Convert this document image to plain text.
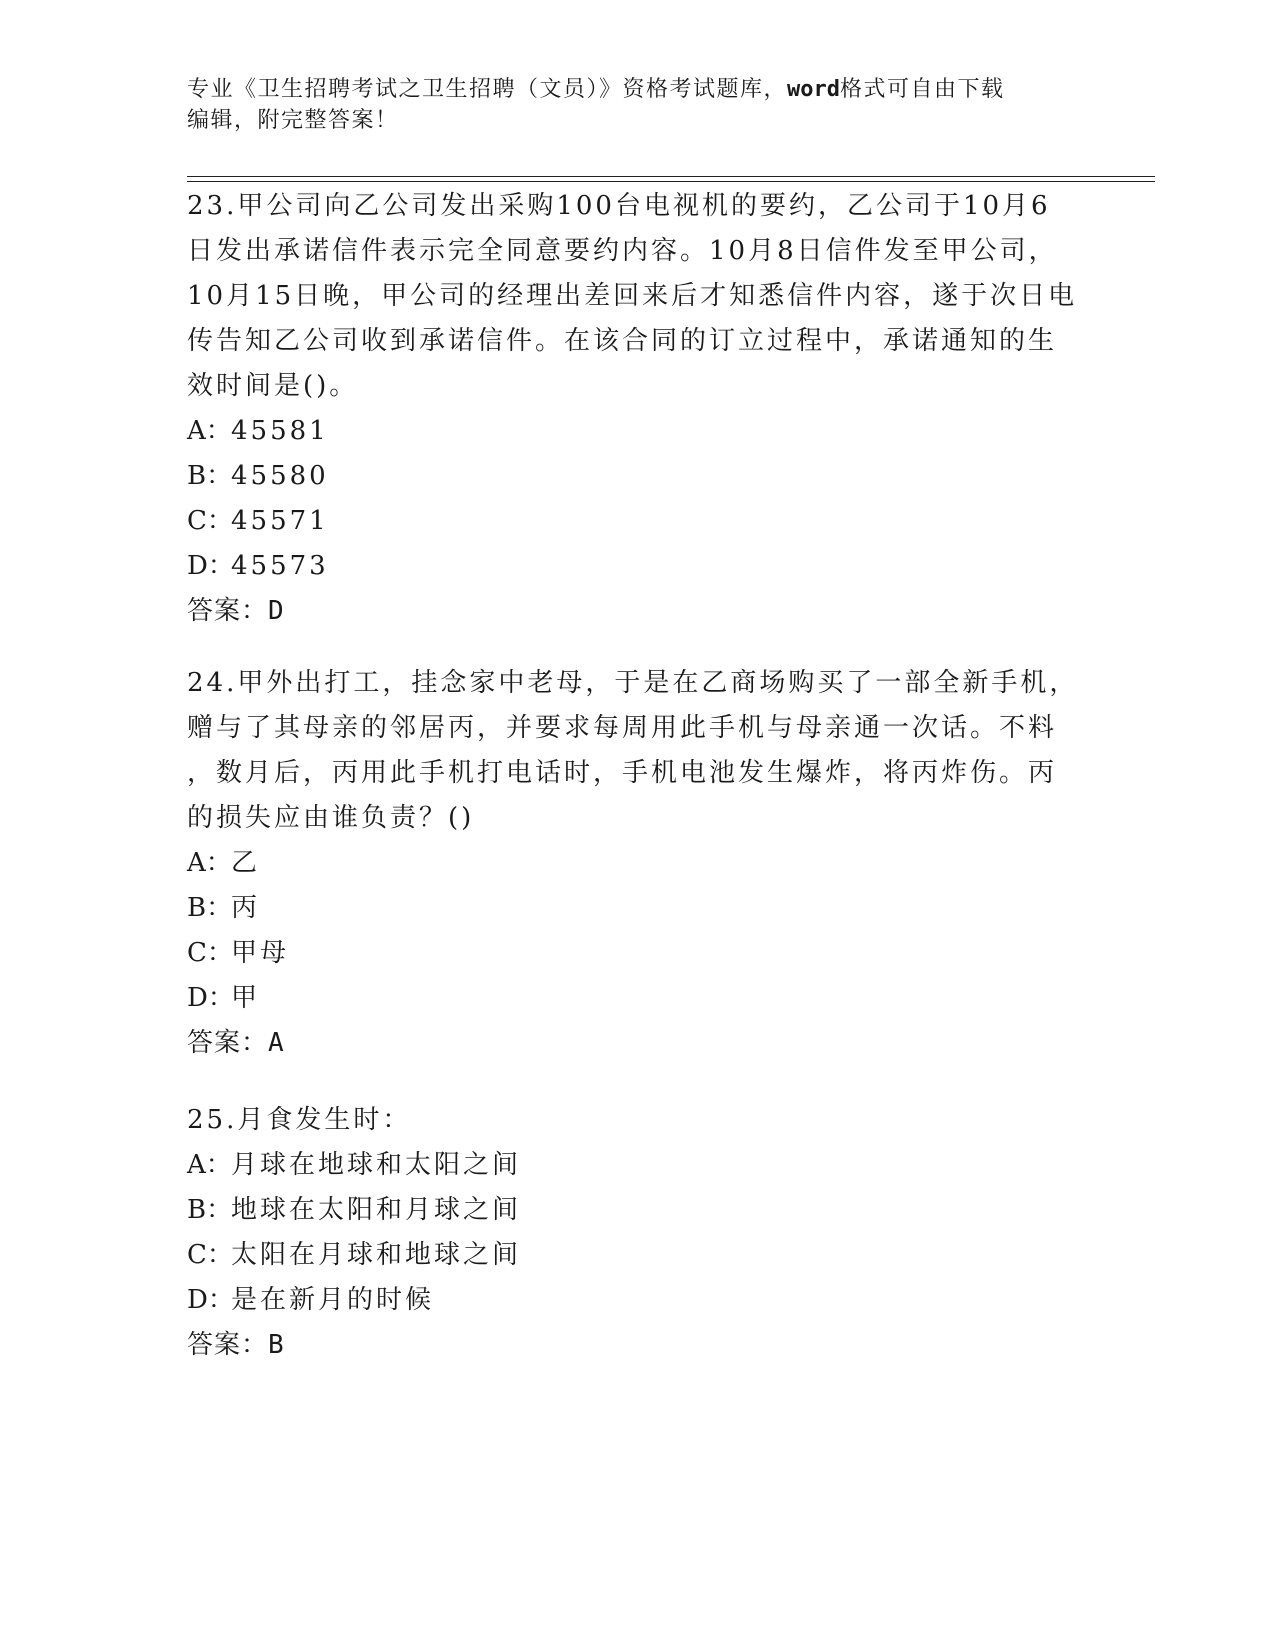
专业《卫生招聘考试之卫生招聘（文员）》资格考试题库，word格式可自由下载
编辑，附完整答案！

23.甲公司向乙公司发出采购100台电视机的要约，乙公司于10月6
日发出承诺信件表示完全同意要约内容。10月8日信件发至甲公司，
10月15日晚，甲公司的经理出差回来后才知悉信件内容，遂于次日电
传告知乙公司收到承诺信件。在该合同的订立过程中，承诺通知的生
效时间是()。

A：45581
B：45580
C：45571
D：45573
答案：D

24.甲外出打工，挂念家中老母，于是在乙商场购买了一部全新手机，
赠与了其母亲的邻居丙，并要求每周用此手机与母亲通一次话。不料
，数月后，丙用此手机打电话时，手机电池发生爆炸，将丙炸伤。丙
的损失应由谁负责？()

A：乙
B：丙
C：甲母
D：甲
答案：A

25.月食发生时：

A：月球在地球和太阳之间
B：地球在太阳和月球之间
C：太阳在月球和地球之间
D：是在新月的时候
答案：B
